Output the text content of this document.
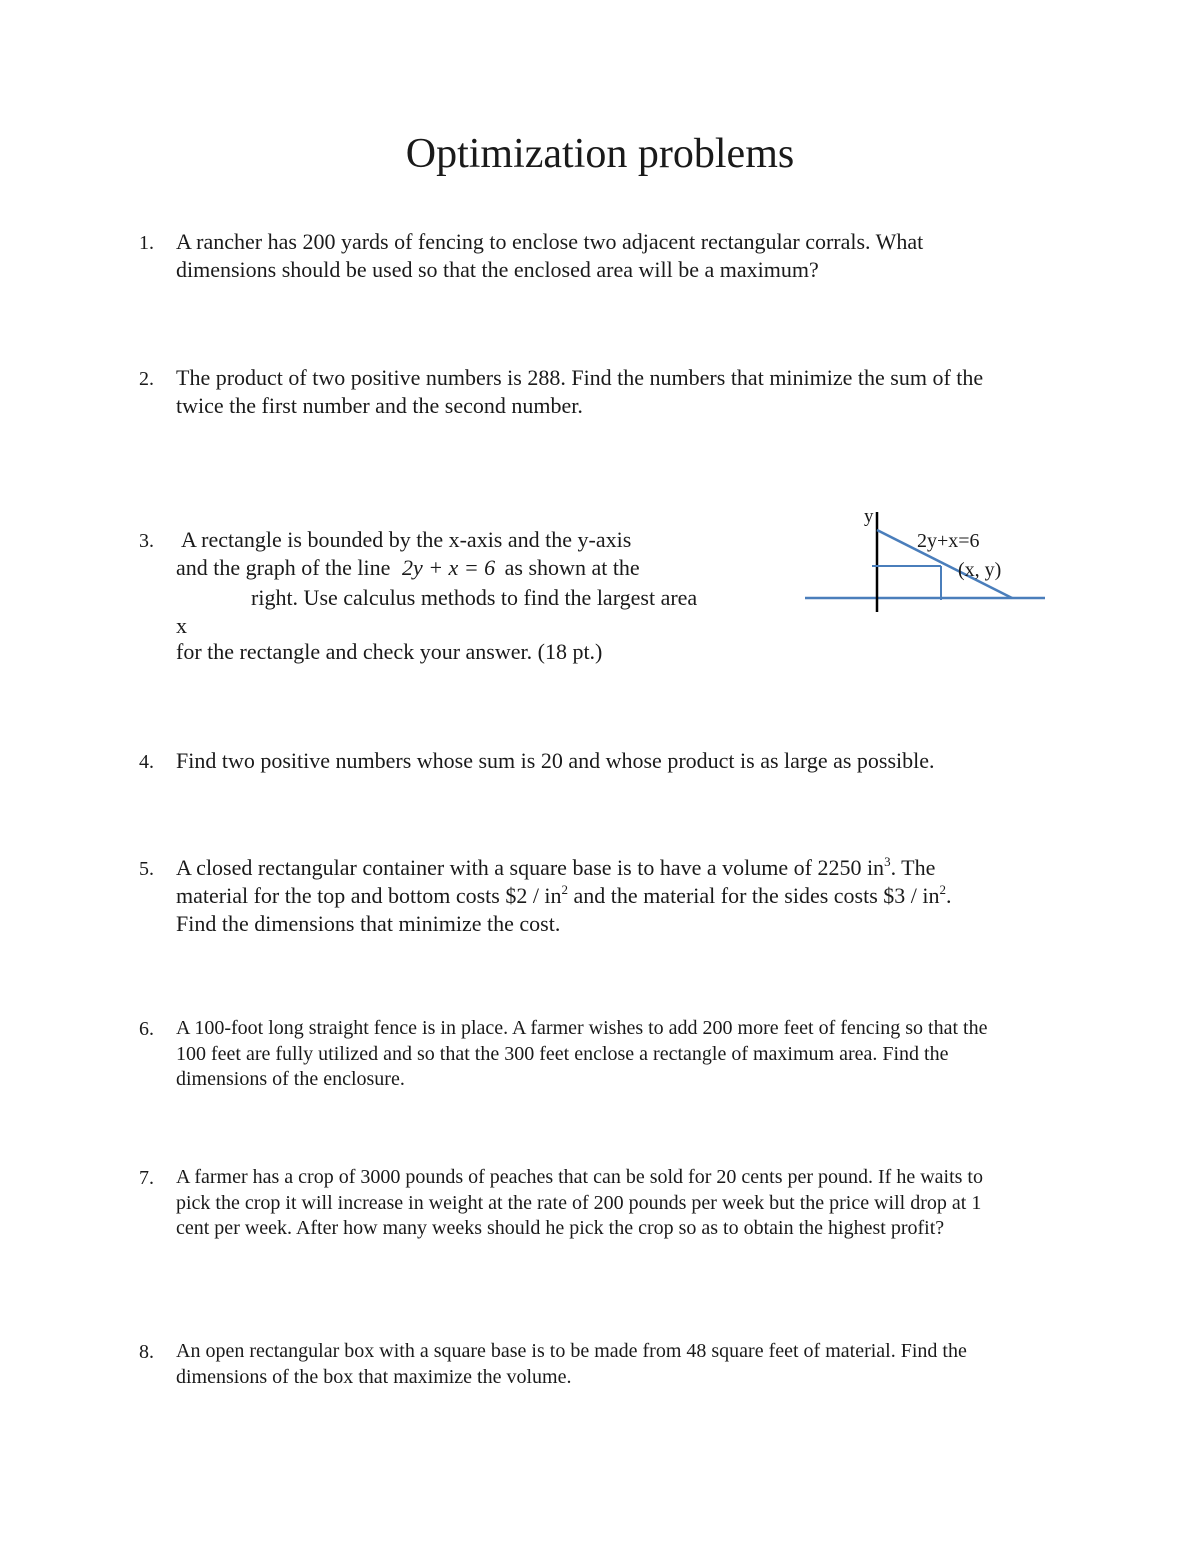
Optimization problems
1.	A rancher has 200 yards of fencing to enclose two adjacent rectangular corrals. What
dimensions should be used so that the enclosed area will be a maximum?
2.	The product of two positive numbers is 288. Find the numbers that minimize the sum of the
twice the first number and the second number.
3.	A rectangle is bounded by the x-axis and the y-axis
and the graph of the line 2y + x = 6 as shown at the
right. Use calculus methods to find the largest area
x
for the rectangle and check your answer. (18 pt.)
y
2y+x=6
(x, y)
4.	Find two positive numbers whose sum is 20 and whose product is as large as possible.
5.	A closed rectangular container with a square base is to have a volume of 2250 $in^3$. The
material for the top and bottom costs $2 / $in^2$ and the material for the sides costs $3 / $in^2$.
Find the dimensions that minimize the cost.
6.	A 100-foot long straight fence is in place. A farmer wishes to add 200 more feet of fencing so that the
100 feet are fully utilized and so that the 300 feet enclose a rectangle of maximum area. Find the
dimensions of the enclosure.
7.	A farmer has a crop of 3000 pounds of peaches that can be sold for 20 cents per pound. If he waits to
pick the crop it will increase in weight at the rate of 200 pounds per week but the price will drop at 1
cent per week. After how many weeks should he pick the crop so as to obtain the highest profit?
8.	An open rectangular box with a square base is to be made from 48 square feet of material. Find the
dimensions of the box that maximize the volume.
